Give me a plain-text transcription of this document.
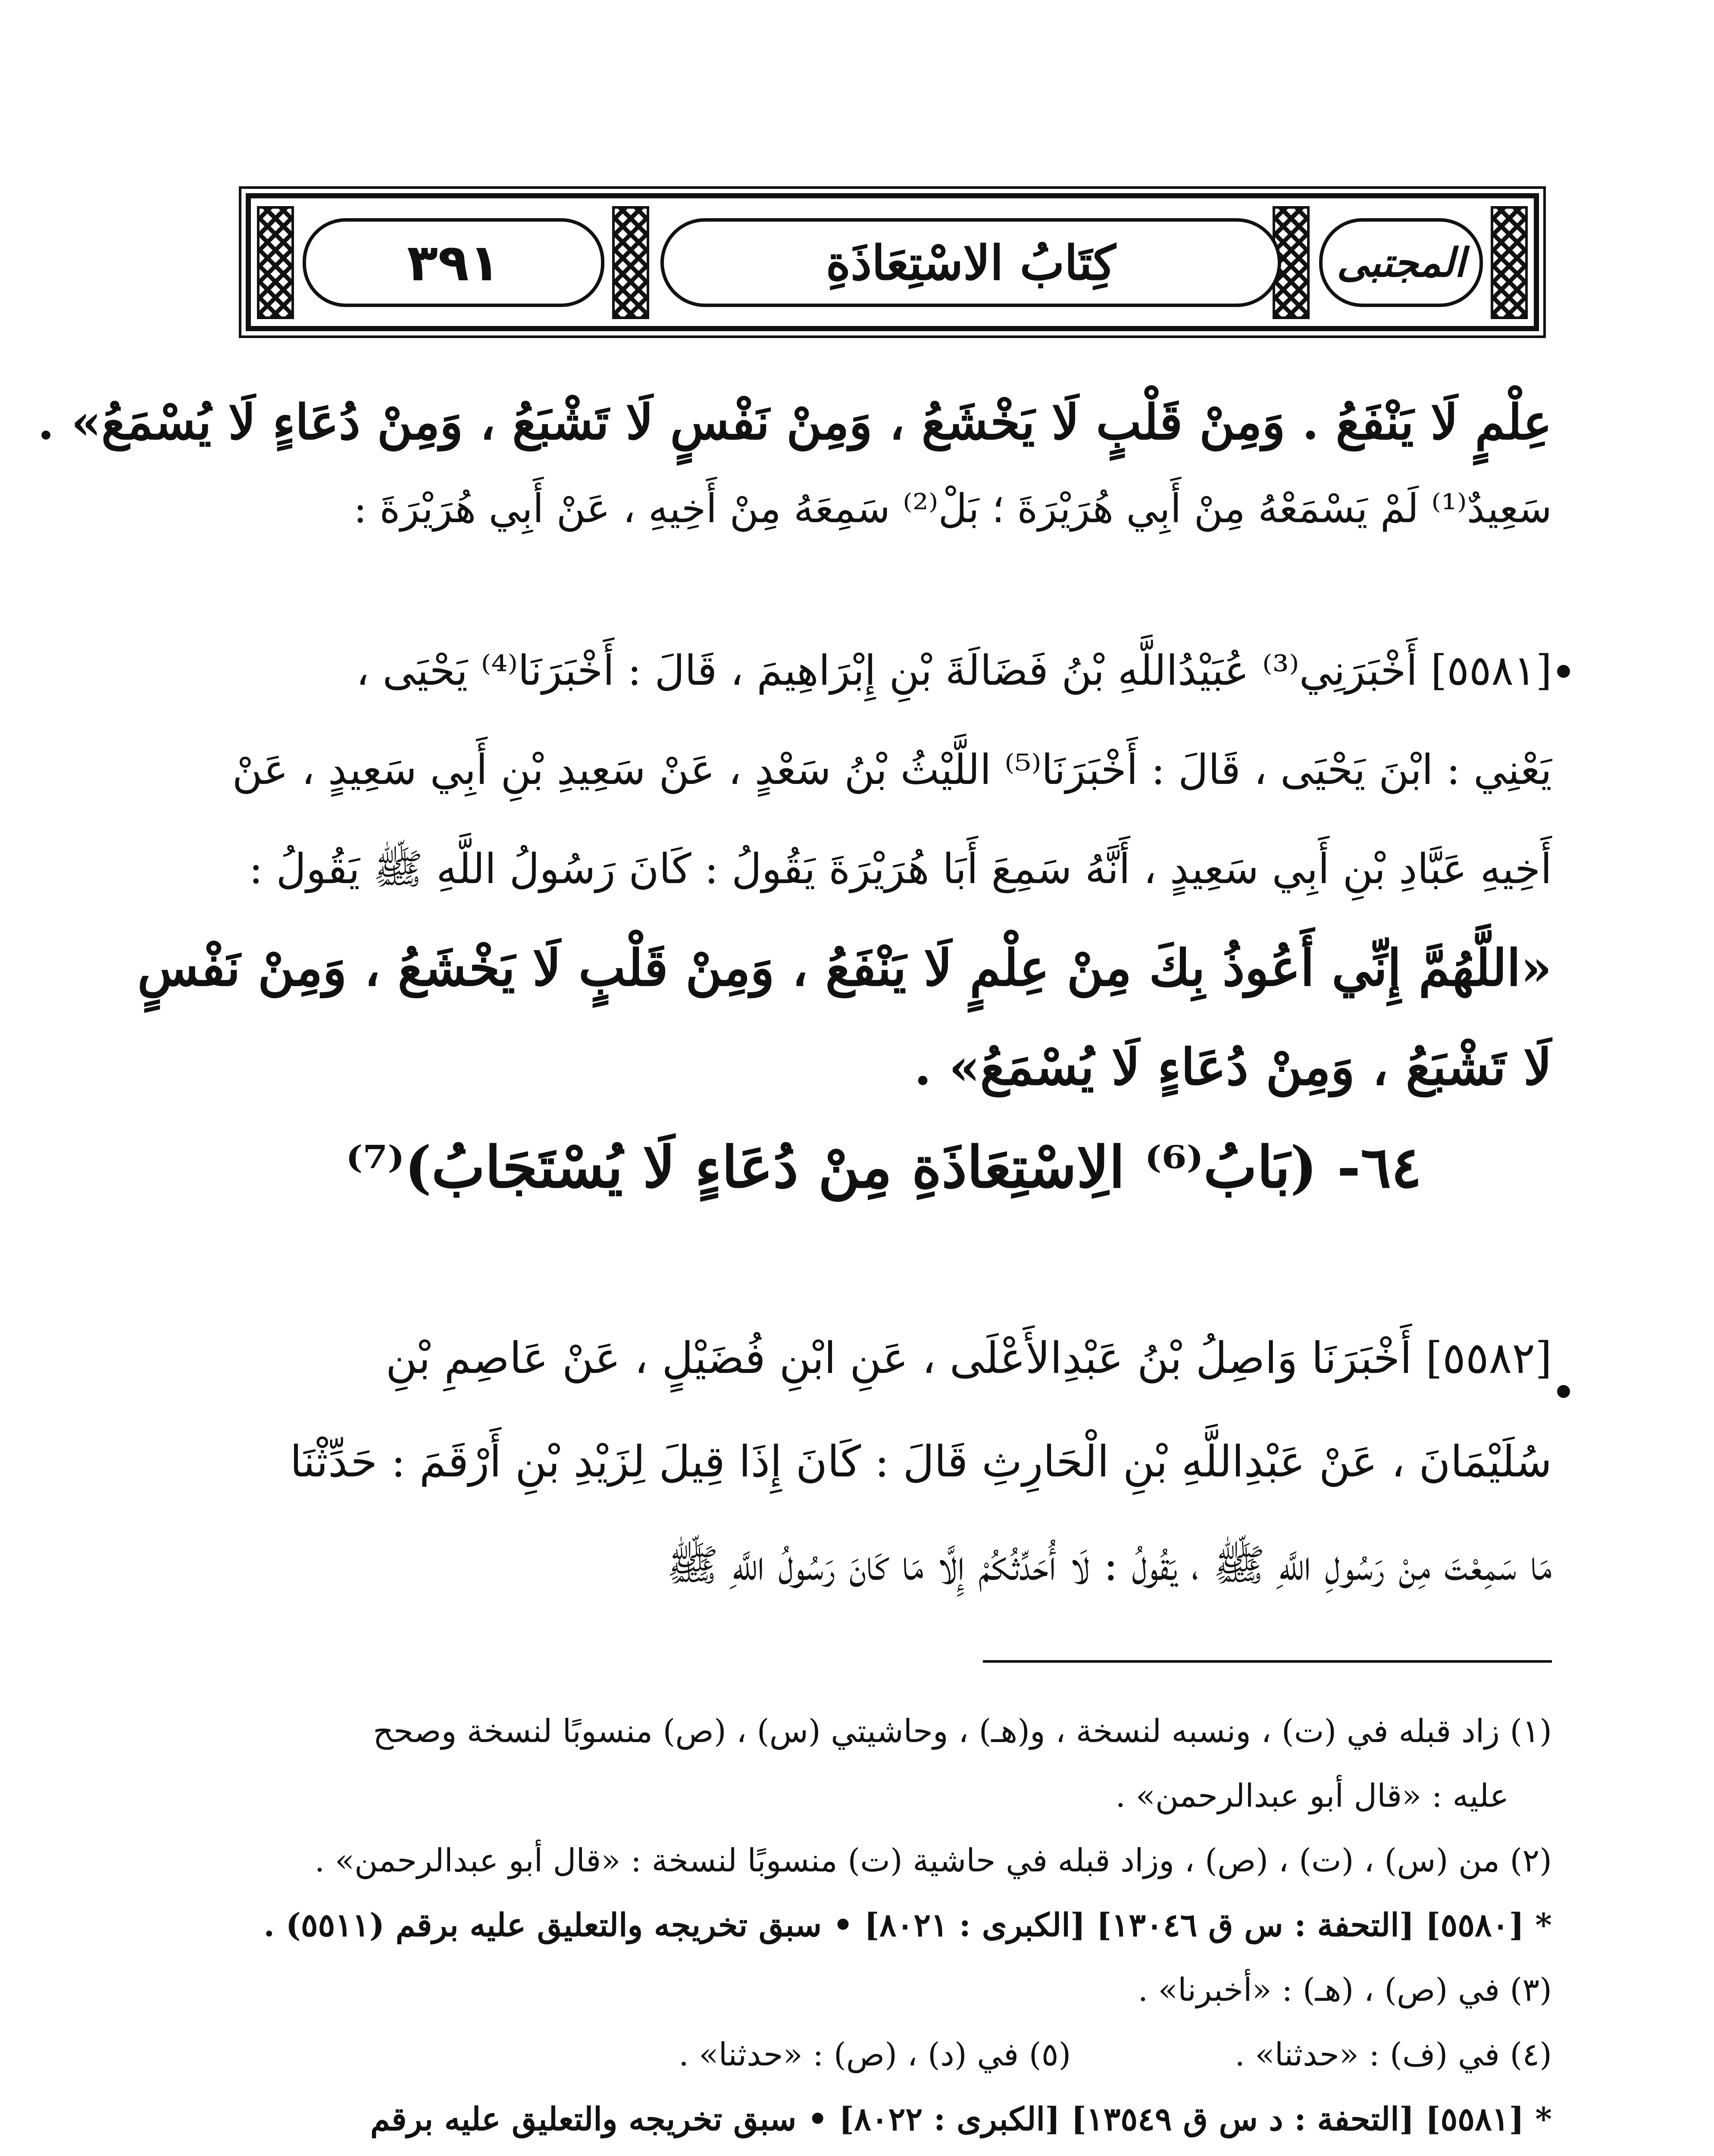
٣٩١	كِتَابُ الاسْتِعَاذَةِ	المجتبى
عِلْمٍ لَا يَنْفَعُ . وَمِنْ قَلْبٍ لَا يَخْشَعُ ، وَمِنْ نَفْسٍ لَا تَشْبَعُ ، وَمِنْ دُعَاءٍ لَا يُسْمَعُ» .
سَعِيدٌ⁽¹⁾ لَمْ يَسْمَعْهُ مِنْ أَبِي هُرَيْرَةَ ؛ بَلْ⁽²⁾ سَمِعَهُ مِنْ أَخِيهِ ، عَنْ أَبِي هُرَيْرَةَ :
[٥٥٨١] أَخْبَرَنِي⁽³⁾ عُبَيْدُاللَّهِ بْنُ فَضَالَةَ بْنِ إِبْرَاهِيمَ ، قَالَ : أَخْبَرَنَا⁽⁴⁾ يَحْيَى ،
يَعْنِي : ابْنَ يَحْيَى ، قَالَ : أَخْبَرَنَا⁽⁵⁾ اللَّيْثُ بْنُ سَعْدٍ ، عَنْ سَعِيدِ بْنِ أَبِي سَعِيدٍ ، عَنْ
أَخِيهِ عَبَّادِ بْنِ أَبِي سَعِيدٍ ، أَنَّهُ سَمِعَ أَبَا هُرَيْرَةَ يَقُولُ : كَانَ رَسُولُ اللَّهِ ﷺ يَقُولُ :
«اللَّهُمَّ إِنِّي أَعُوذُ بِكَ مِنْ عِلْمٍ لَا يَنْفَعُ ، وَمِنْ قَلْبٍ لَا يَخْشَعُ ، وَمِنْ نَفْسٍ
لَا تَشْبَعُ ، وَمِنْ دُعَاءٍ لَا يُسْمَعُ» .
٦٤- (بَابُ⁽⁶⁾ الِاسْتِعَاذَةِ مِنْ دُعَاءٍ لَا يُسْتَجَابُ)⁽⁷⁾
[٥٥٨٢] أَخْبَرَنَا وَاصِلُ بْنُ عَبْدِالأَعْلَى ، عَنِ ابْنِ فُضَيْلٍ ، عَنْ عَاصِمِ بْنِ
سُلَيْمَانَ ، عَنْ عَبْدِاللَّهِ بْنِ الْحَارِثِ قَالَ : كَانَ إِذَا قِيلَ لِزَيْدِ بْنِ أَرْقَمَ : حَدِّثْنَا
مَا سَمِعْتَ مِنْ رَسُولِ اللَّهِ ﷺ ، يَقُولُ : لَا أُحَدِّثُكُمْ إِلَّا مَا كَانَ رَسُولُ اللَّهِ ﷺ
(١) زاد قبله في (ت) ، ونسبه لنسخة ، و(هـ) ، وحاشيتي (س) ، (ص) منسوبًا لنسخة وصحح
عليه : «قال أبو عبدالرحمن» .
(٢) من (س) ، (ت) ، (ص) ، وزاد قبله في حاشية (ت) منسوبًا لنسخة : «قال أبو عبدالرحمن» .
* [٥٥٨٠] [التحفة : س ق ١٣٠٤٦] [الكبرى : ٨٠٢١] • سبق تخريجه والتعليق عليه برقم (٥٥١١) .
(٣) في (ص) ، (هـ) : «أخبرنا» .
(٤) في (ف) : «حدثنا» .
(٥) في (د) ، (ص) : «حدثنا» .
* [٥٥٨١] [التحفة : د س ق ١٣٥٤٩] [الكبرى : ٨٠٢٢] • سبق تخريجه والتعليق عليه برقم
